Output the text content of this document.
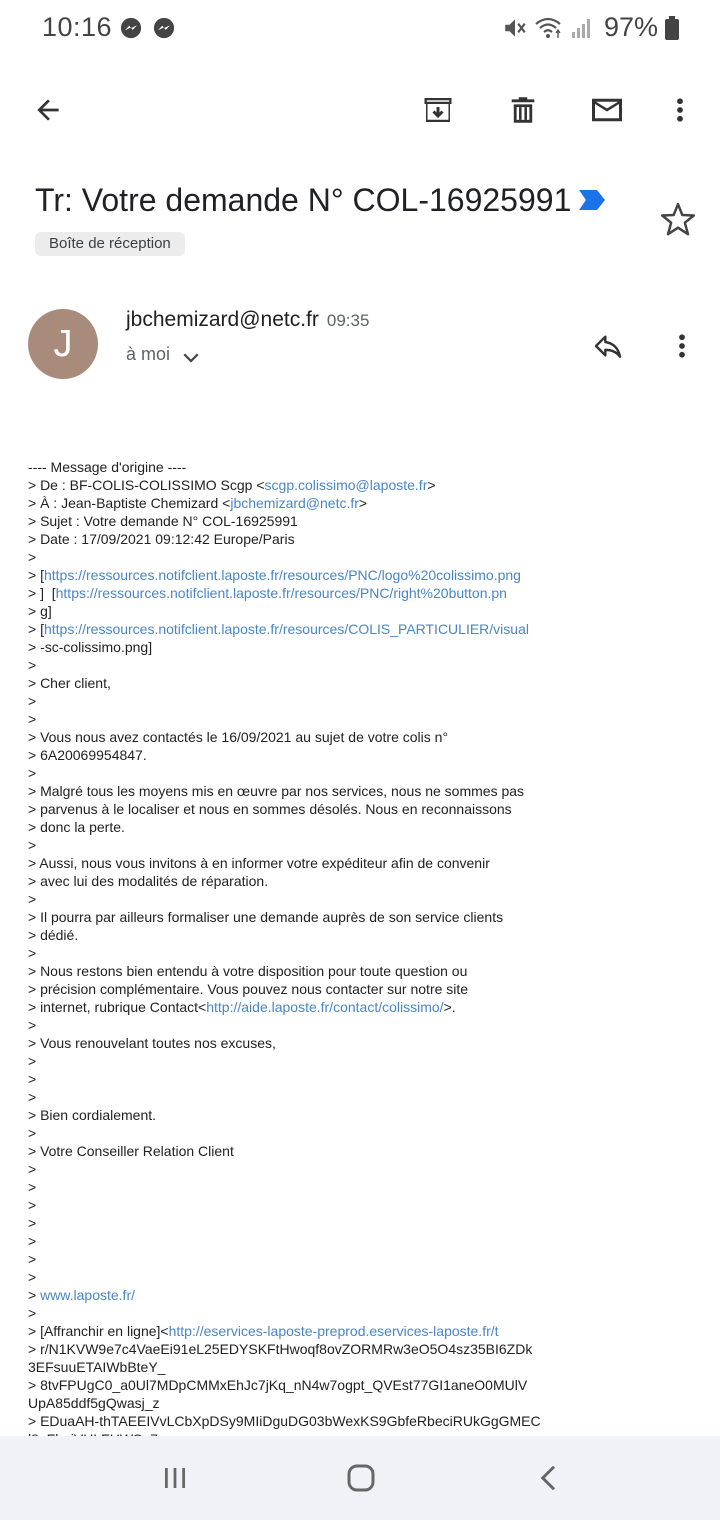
10:16	97%
Tr: Votre demande N° COL-16925991
Boîte de réception
J
jbchemizard@netc.fr 09:35
à moi
---- Message d'origine ----
> De : BF-COLIS-COLISSIMO Scgp <scgp.colissimo@laposte.fr>
> À : Jean-Baptiste Chemizard <jbchemizard@netc.fr>
> Sujet : Votre demande N° COL-16925991
> Date : 17/09/2021 09:12:42 Europe/Paris
>
> [https://ressources.notifclient.laposte.fr/resources/PNC/logo%20colissimo.png
> ]  [https://ressources.notifclient.laposte.fr/resources/PNC/right%20button.pn
> g]
> [https://ressources.notifclient.laposte.fr/resources/COLIS_PARTICULIER/visual
> -sc-colissimo.png]
>
> Cher client,
>
>
> Vous nous avez contactés le 16/09/2021 au sujet de votre colis n°
> 6A20069954847.
>
> Malgré tous les moyens mis en œuvre par nos services, nous ne sommes pas
> parvenus à le localiser et nous en sommes désolés. Nous en reconnaissons
> donc la perte.
>
> Aussi, nous vous invitons à en informer votre expéditeur afin de convenir
> avec lui des modalités de réparation.
>
> Il pourra par ailleurs formaliser une demande auprès de son service clients
> dédié.
>
> Nous restons bien entendu à votre disposition pour toute question ou
> précision complémentaire. Vous pouvez nous contacter sur notre site
> internet, rubrique Contact<http://aide.laposte.fr/contact/colissimo/>.
>
> Vous renouvelant toutes nos excuses,
>
>
>
> Bien cordialement.
>
> Votre Conseiller Relation Client
>
>
>
>
>
>
>
> www.laposte.fr/
>
> [Affranchir en ligne]<http://eservices-laposte-preprod.eservices-laposte.fr/t
> r/N1KVW9e7c4VaeEi91eL25EDYSKFtHwoqf8ovZORMRw3eO5O4sz35BI6ZDk
3EFsuuETAIWbBteY_
> 8tvFPUgC0_a0Ul7MDpCMMxEhJc7jKq_nN4w7ogpt_QVEst77GI1aneO0MUlV
UpA85ddf5gQwasj_z
> EDuaAH-thTAEEIVvLCbXpDSy9MIiDguDG03bWexKS9GbfeRbeciRUkGgGMEC
